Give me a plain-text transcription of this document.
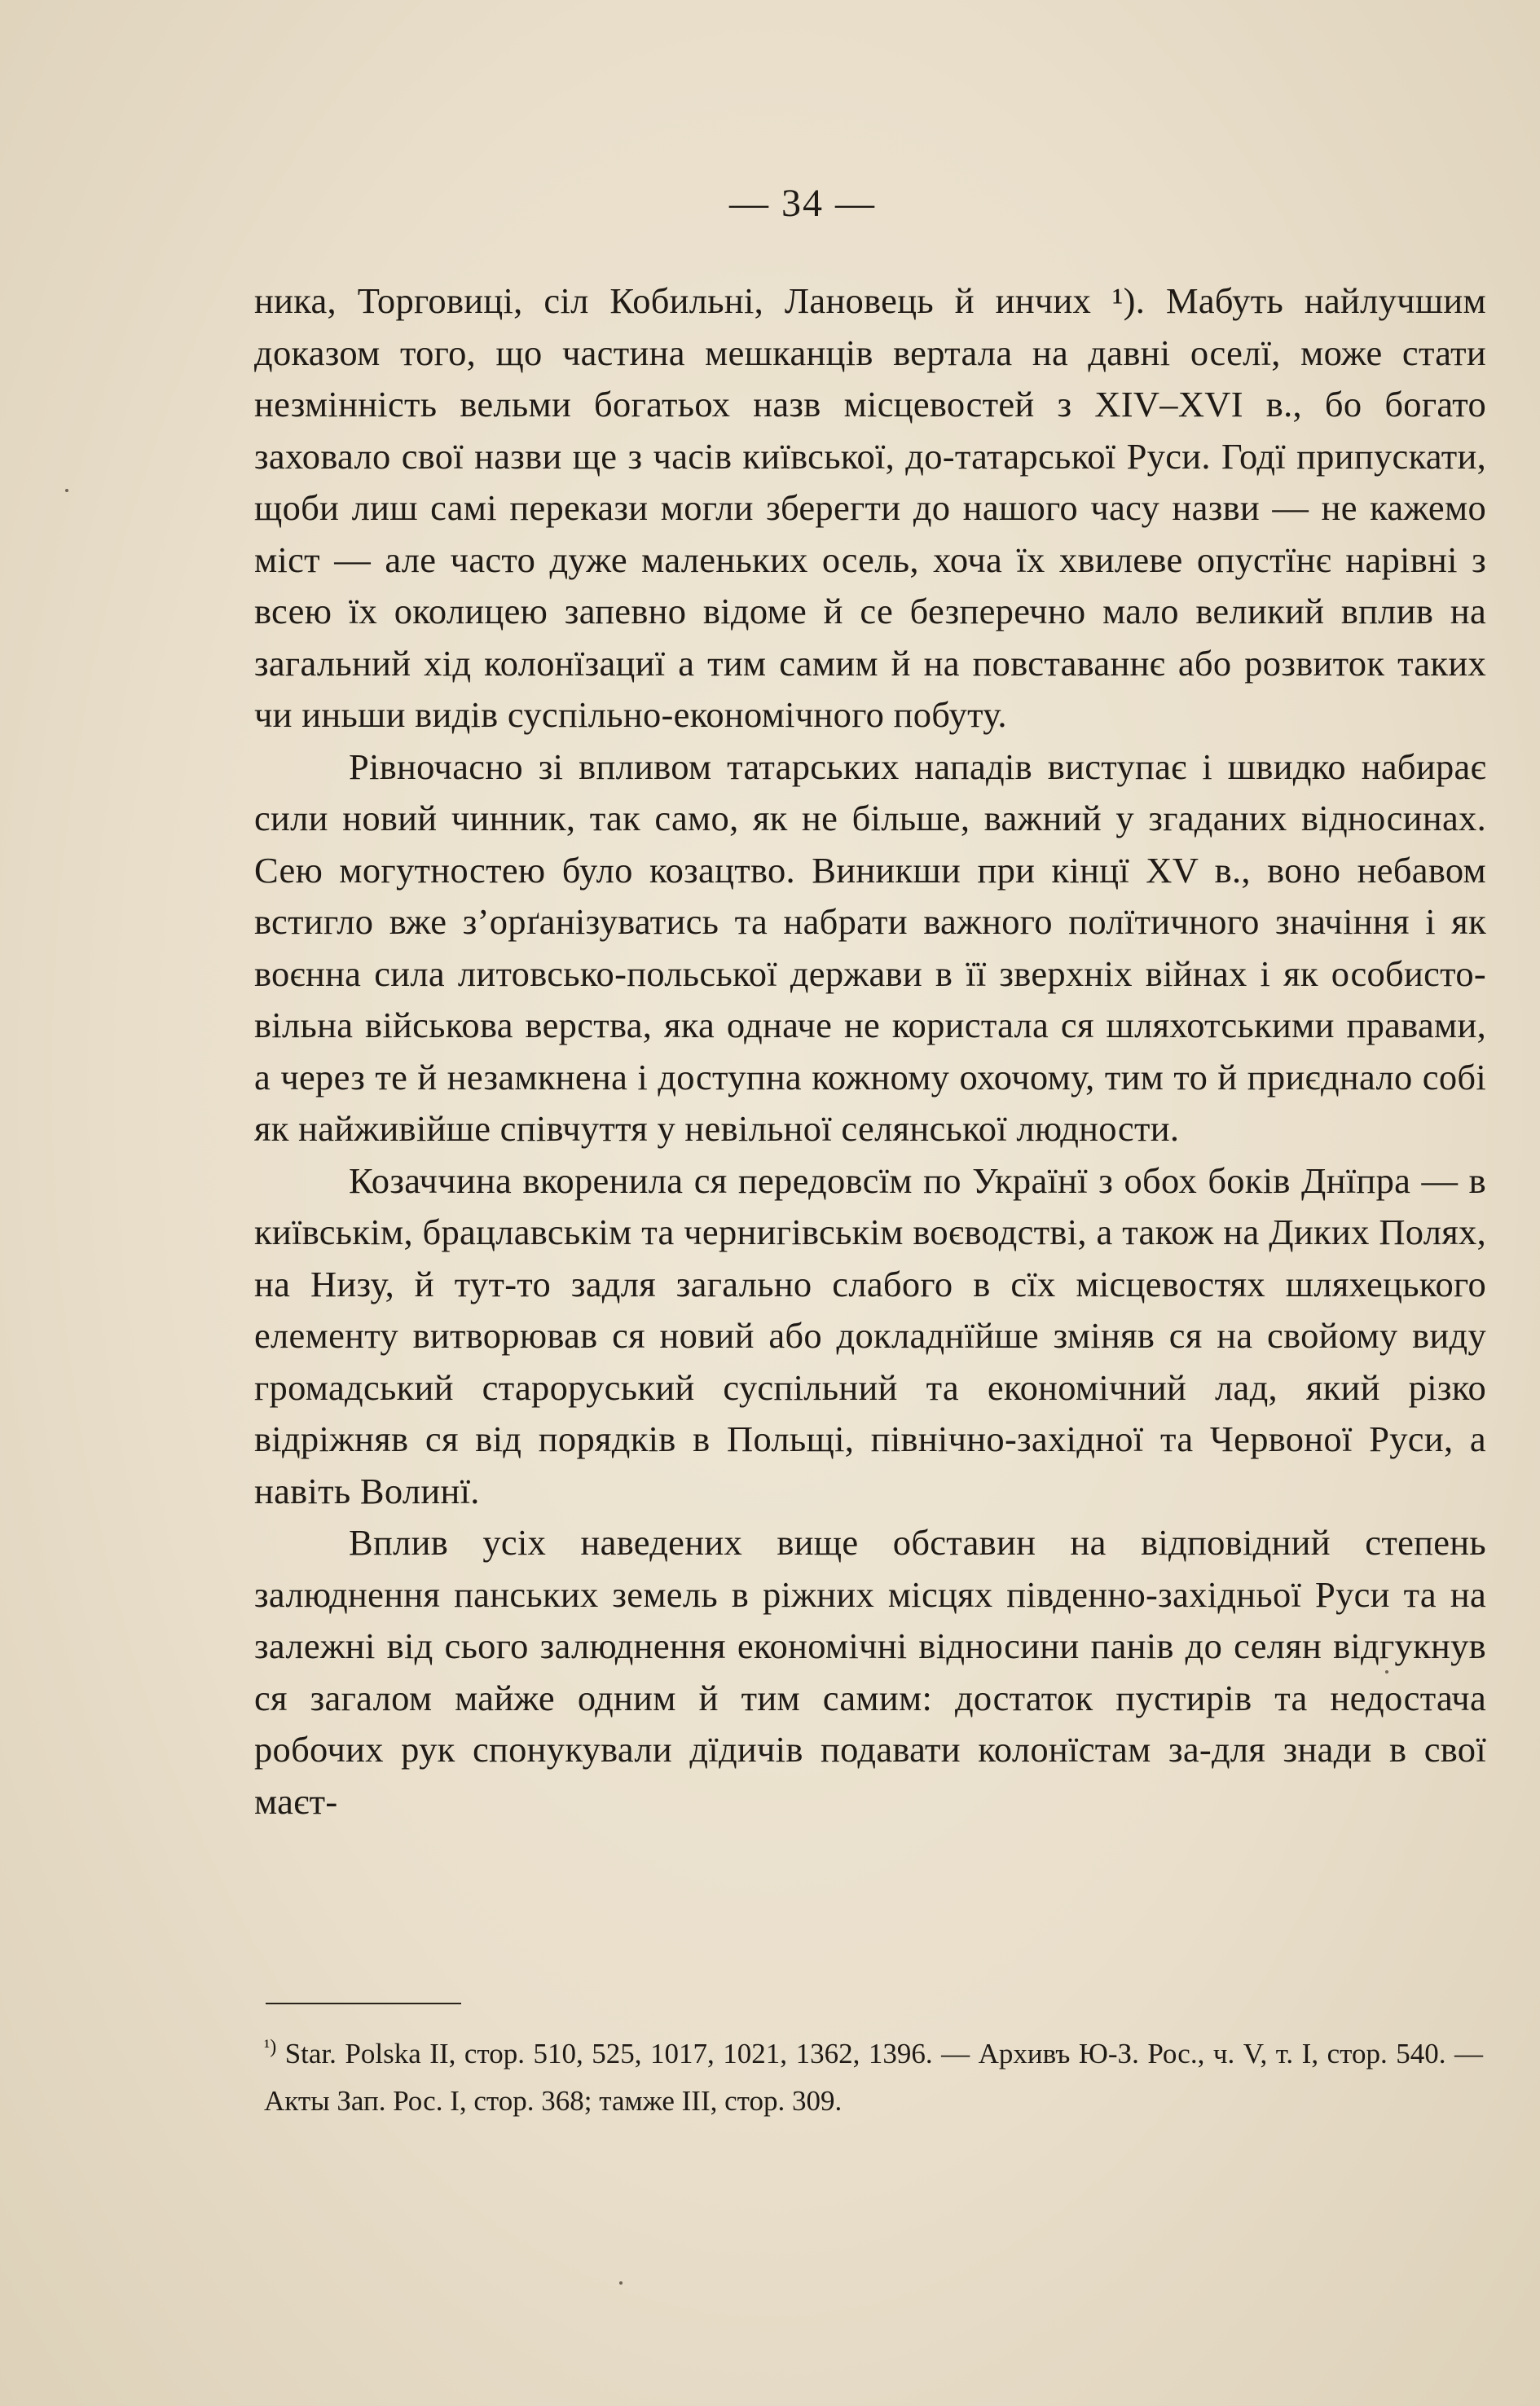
— 34 —

ника, Торговиці, сіл Кобильні, Лановець й инчих ¹). Мабуть найлучшим доказом того, що частина мешканців вертала на давні оселї, може стати незмінність вельми богатьох назв місцевостей з XIV–XVI в., бо богато заховало свої назви ще з часів київської, до-татарської Руси. Годї припускати, щоби лиш самі перекази могли зберегти до нашого часу назви — не кажемо міст — але часто дуже маленьких осель, хоча їх хвилеве опустїнє нарівні з всею їх околицею запевно відоме й се безперечно мало великий вплив на загальний хід колонїзациї а тим самим й на повставаннє або розвиток таких чи иньши видів суспільно-економічного побуту.

Рівночасно зі впливом татарських нападів виступає і швидко набирає сили новий чинник, так само, як не більше, важний у згаданих відносинах. Сею могутностею було козацтво. Виникши при кінцї XV в., воно небавом встигло вже з’орґанізуватись та набрати важного полїтичного значіння і як воєнна сила литовсько-польської держави в її зверхніх війнах і як особисто-вільна військова верства, яка одначе не користала ся шляхотськими правами, а через те й незамкнена і доступна кожному охочому, тим то й приєднало собі як найживійше співчуття у невільної селянської людности.

Козаччина вкоренила ся передовсїм по Українї з обох боків Днїпра — в київськім, брацлавськім та чернигівськім воєводстві, а також на Диких Полях, на Низу, й тут-то задля загально слабого в сїх місцевостях шляхецького елементу витворював ся новий або докладнїйше зміняв ся на свойому виду громадський староруський суспільний та економічний лад, який різко відріжняв ся від порядків в Польщі, північно-західної та Червоної Руси, а навіть Волинї.

Вплив усіх наведених вище обставин на відповідний степень залюднення панських земель в ріжних місцях південно-західньої Руси та на залежні від сього залюднення економічні відносини панів до селян відгукнув ся загалом майже одним й тим самим: достаток пустирів та недостача робочих рук спонукували дїдичів подавати колонїстам за-для знади в свої маєт-

$^{^1)}$ Star. Polska II, стор. 510, 525, 1017, 1021, 1362, 1396. — Архивъ Ю-З. Рос., ч. V, т. I, стор. 540. — Акты Зап. Рос. I, стор. 368; тамже III, стор. 309.
